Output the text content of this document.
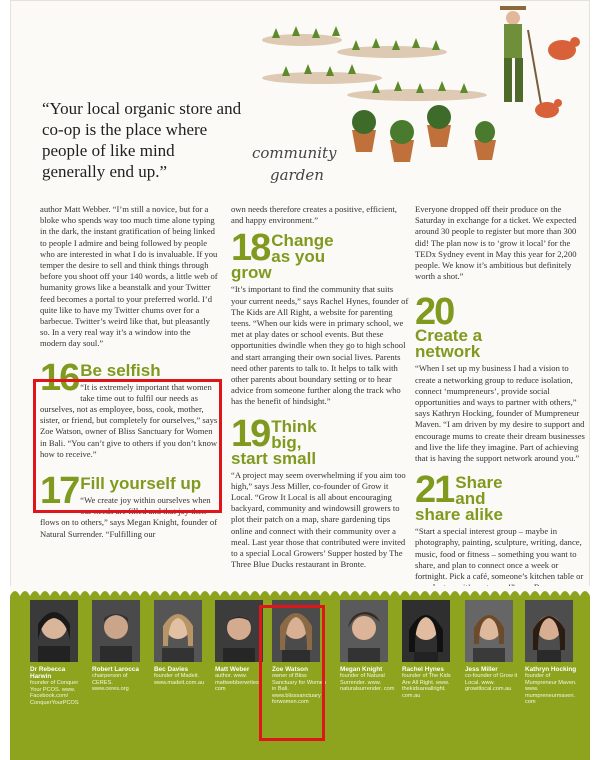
community
garden
“Your local organic store and co-op is the place where people of like mind generally end up.”

author Matt Webber. “I’m still a novice, but for a bloke who spends way too much time alone typing in the dark, the instant gratification of being linked to people I admire and being followed by people who are interested in what I do is invaluable. If you temper the desire to sell and think things through before you shoot off your 140 words, a little web of humanity grows like a beanstalk and your Twitter feed becomes a portal to your preferred world. I’d quite like to have my Twitter chums over for a barbecue. Twitter’s weird like that, but pleasantly so. In a very real way it’s a window into the modern day soul.”

16 Be selfish

“It is extremely important that women take time out to fulfil our needs as ourselves, not as employee, boss, cook, mother, sister, or friend, but completely for ourselves,” says Zoe Watson, owner of Bliss Sanctuary for Women in Bali. “You can’t give to others if you don’t know how to receive.”

17 Fill yourself up

“We create joy within ourselves when our needs are filled and that joy then flows on to others,” says Megan Knight, founder of Natural Surrender. “Fulfilling our

own needs therefore creates a positive, efficient, and happy environment.”

18 Change as you grow

“It’s important to find the community that suits your current needs,” says Rachel Hynes, founder of The Kids are All Right, a website for parenting teens. “When our kids were in primary school, we met at play dates or school events. But these opportunities dwindle when they go to high school and start arranging their own social lives. Parents need other parents to talk to. It helps to talk with other parents about boundary setting or to hear advice from someone further along the track who has the benefit of hindsight.”

19 Think big, start small

“A project may seem overwhelming if you aim too high,” says Jess Miller, co-founder of Grow it Local. “Grow It Local is all about encouraging backyard, community and windowsill growers to plot their patch on a map, share gardening tips online and connect with their community over a meal. Last year those that contributed were invited to a special Local Growers’ Supper hosted by The Three Blue Ducks restaurant in Bronte.

Everyone dropped off their produce on the Saturday in exchange for a ticket. We expected around 30 people to register but more than 300 did! The plan now is to ‘grow it local’ for the TEDx Sydney event in May this year for 2,200 people. We know it’s ambitious but definitely worth a shot.”

20
Create a network

“When I set up my business I had a vision to create a networking group to reduce isolation, connect ‘mumpreneurs’, provide social opportunities and ways to partner with others,” says Kathryn Hocking, founder of Mumpreneur Maven. “I am driven by my desire to support and encourage mums to create their dream businesses and live the life they imagine. Part of achieving that is having the support network around you.”

21 Share and share alike

“Start a special interest group – maybe in photography, painting, sculpture, writing, dance, music, food or fitness – something you want to share, and plan to connect once a week or fortnight. Pick a café, someone’s kitchen table or

Dr Rebecca Harwin
founder of Conquer Your PCOS. www. Facebook.com/ ConquerYourPCOS
Robert Larocca
chairperson of CERES. www.ceres.org
Bec Davies
founder of Madeit. www.madeit.com.au
Matt Weber
author. www. mattwebberwrites. com
Zoe Watson
owner of Bliss Sanctuary for Women in Bali. www.blisssanctuary forwomen.com
Megan Knight
founder of Natural Surrender. www. naturalsurrender. com
Rachel Hynes
founder of The Kids Are All Right. www. thekidsareallright. com.au
Jess Miller
co-founder of Grow it Local. www. growitlocal.com.au
Kathryn Hocking
founder of Mumpreneur Maven. www. mumpreneurmaven. com
